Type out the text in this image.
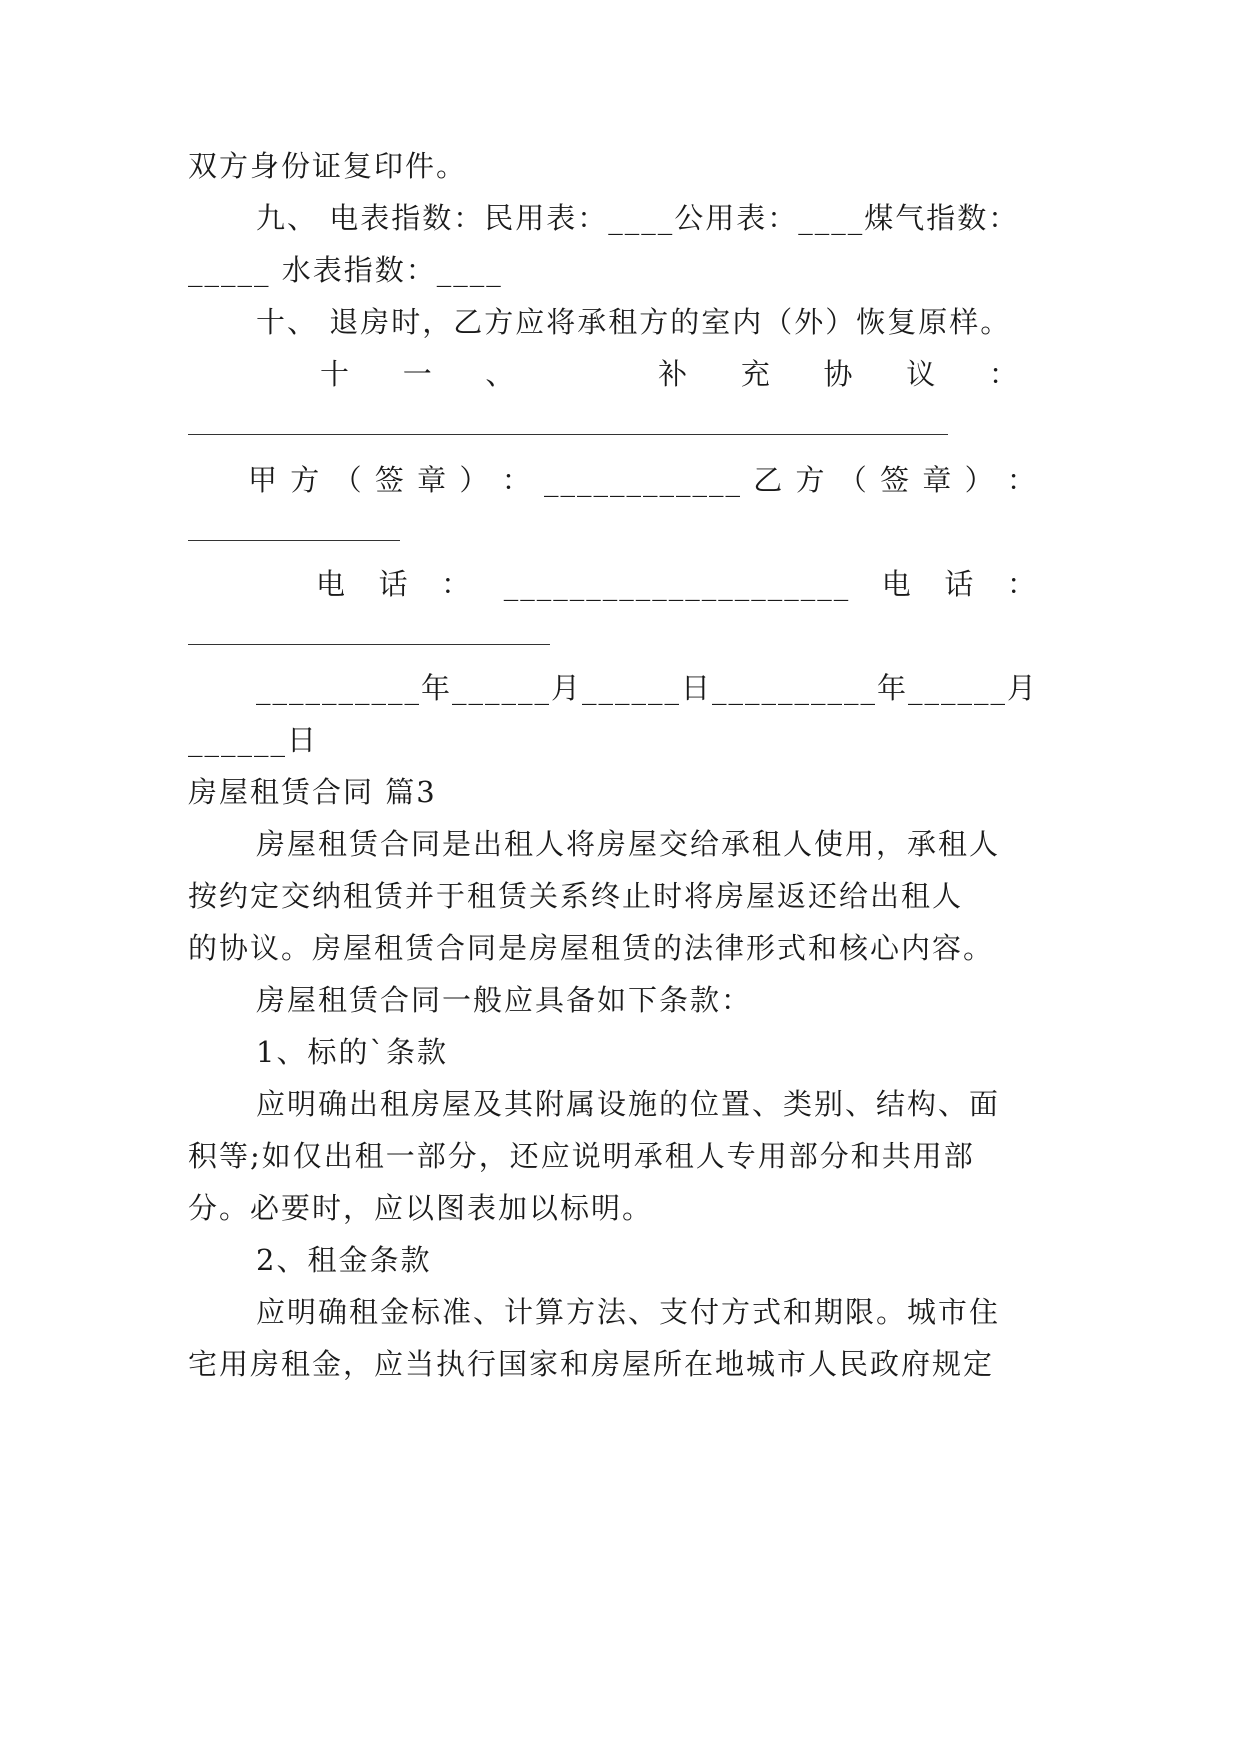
双方身份证复印件。
九、 电表指数：民用表：____公用表：____煤气指数：
_____ 水表指数：____
十、 退房时，乙方应将承租方的室内（外）恢复原样。
十 一 、	补 充 协 议 ：
甲 方 （ 签 章 ） ： ____________ 乙 方 （ 签 章 ） ：
电 话 ： _____________________ 电 话 ：
__________年______月______日__________年______月
______日
房屋租赁合同 篇3
房屋租赁合同是出租人将房屋交给承租人使用，承租人
按约定交纳租赁并于租赁关系终止时将房屋返还给出租人
的协议。房屋租赁合同是房屋租赁的法律形式和核心内容。
房屋租赁合同一般应具备如下条款：
1、标的`条款
应明确出租房屋及其附属设施的位置、类别、结构、面
积等;如仅出租一部分，还应说明承租人专用部分和共用部
分。必要时，应以图表加以标明。
2、租金条款
应明确租金标准、计算方法、支付方式和期限。城市住
宅用房租金，应当执行国家和房屋所在地城市人民政府规定
